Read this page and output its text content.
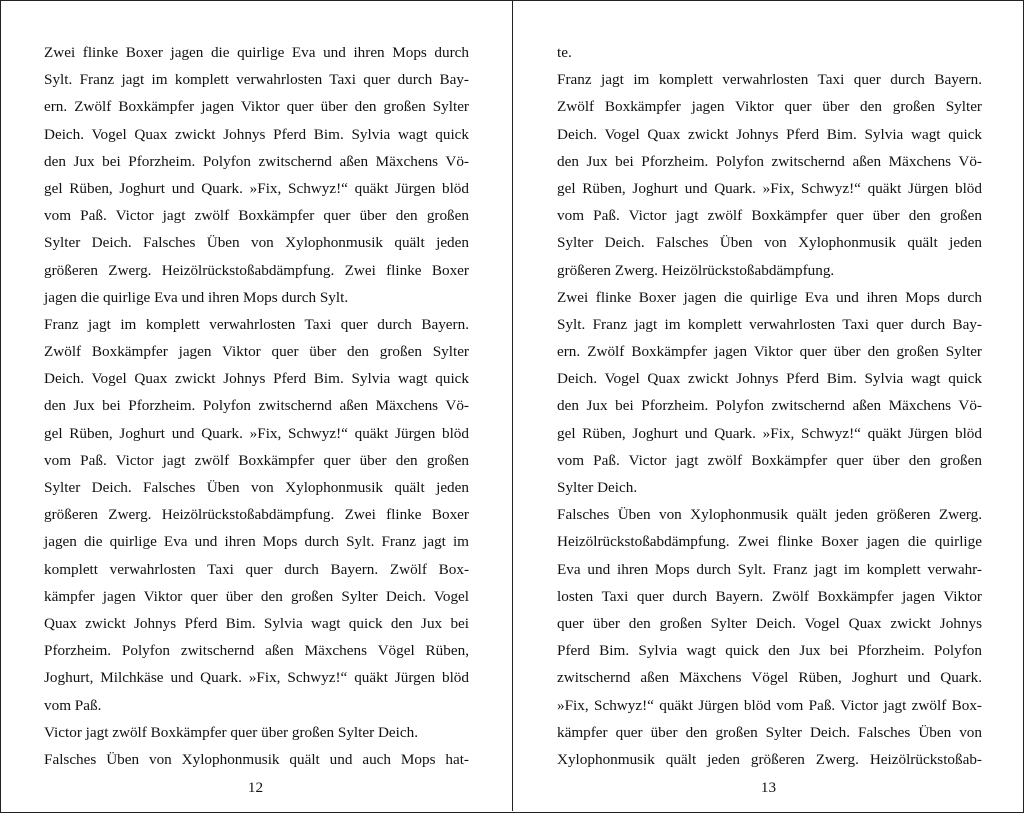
Zwei flinke Boxer jagen die quirlige Eva und ihren Mops durch
Sylt. Franz jagt im komplett verwahrlosten Taxi quer durch Bay-
ern. Zwölf Boxkämpfer jagen Viktor quer über den großen Sylter
Deich. Vogel Quax zwickt Johnys Pferd Bim. Sylvia wagt quick
den Jux bei Pforzheim. Polyfon zwitschernd aßen Mäxchens Vö-
gel Rüben, Joghurt und Quark. »Fix, Schwyz!“ quäkt Jürgen blöd
vom Paß. Victor jagt zwölf Boxkämpfer quer über den großen
Sylter Deich. Falsches Üben von Xylophonmusik quält jeden
größeren Zwerg. Heizölrückstoßabdämpfung. Zwei flinke Boxer
jagen die quirlige Eva und ihren Mops durch Sylt.
Franz jagt im komplett verwahrlosten Taxi quer durch Bayern.
Zwölf Boxkämpfer jagen Viktor quer über den großen Sylter
Deich. Vogel Quax zwickt Johnys Pferd Bim. Sylvia wagt quick
den Jux bei Pforzheim. Polyfon zwitschernd aßen Mäxchens Vö-
gel Rüben, Joghurt und Quark. »Fix, Schwyz!“ quäkt Jürgen blöd
vom Paß. Victor jagt zwölf Boxkämpfer quer über den großen
Sylter Deich. Falsches Üben von Xylophonmusik quält jeden
größeren Zwerg. Heizölrückstoßabdämpfung. Zwei flinke Boxer
jagen die quirlige Eva und ihren Mops durch Sylt. Franz jagt im
komplett verwahrlosten Taxi quer durch Bayern. Zwölf Box-
kämpfer jagen Viktor quer über den großen Sylter Deich. Vogel
Quax zwickt Johnys Pferd Bim. Sylvia wagt quick den Jux bei
Pforzheim. Polyfon zwitschernd aßen Mäxchens Vögel Rüben,
Joghurt, Milchkäse und Quark. »Fix, Schwyz!“ quäkt Jürgen blöd
vom Paß.
Victor jagt zwölf Boxkämpfer quer über großen Sylter Deich.
Falsches Üben von Xylophonmusik quält und auch Mops hat-
12
te.
Franz jagt im komplett verwahrlosten Taxi quer durch Bayern.
Zwölf Boxkämpfer jagen Viktor quer über den großen Sylter
Deich. Vogel Quax zwickt Johnys Pferd Bim. Sylvia wagt quick
den Jux bei Pforzheim. Polyfon zwitschernd aßen Mäxchens Vö-
gel Rüben, Joghurt und Quark. »Fix, Schwyz!“ quäkt Jürgen blöd
vom Paß. Victor jagt zwölf Boxkämpfer quer über den großen
Sylter Deich. Falsches Üben von Xylophonmusik quält jeden
größeren Zwerg. Heizölrückstoßabdämpfung.
Zwei flinke Boxer jagen die quirlige Eva und ihren Mops durch
Sylt. Franz jagt im komplett verwahrlosten Taxi quer durch Bay-
ern. Zwölf Boxkämpfer jagen Viktor quer über den großen Sylter
Deich. Vogel Quax zwickt Johnys Pferd Bim. Sylvia wagt quick
den Jux bei Pforzheim. Polyfon zwitschernd aßen Mäxchens Vö-
gel Rüben, Joghurt und Quark. »Fix, Schwyz!“ quäkt Jürgen blöd
vom Paß. Victor jagt zwölf Boxkämpfer quer über den großen
Sylter Deich.
Falsches Üben von Xylophonmusik quält jeden größeren Zwerg.
Heizölrückstoßabdämpfung. Zwei flinke Boxer jagen die quirlige
Eva und ihren Mops durch Sylt. Franz jagt im komplett verwahr-
losten Taxi quer durch Bayern. Zwölf Boxkämpfer jagen Viktor
quer über den großen Sylter Deich. Vogel Quax zwickt Johnys
Pferd Bim. Sylvia wagt quick den Jux bei Pforzheim. Polyfon
zwitschernd aßen Mäxchens Vögel Rüben, Joghurt und Quark.
»Fix, Schwyz!“ quäkt Jürgen blöd vom Paß. Victor jagt zwölf Box-
kämpfer quer über den großen Sylter Deich. Falsches Üben von
Xylophonmusik quält jeden größeren Zwerg. Heizölrückstoßab-
13
